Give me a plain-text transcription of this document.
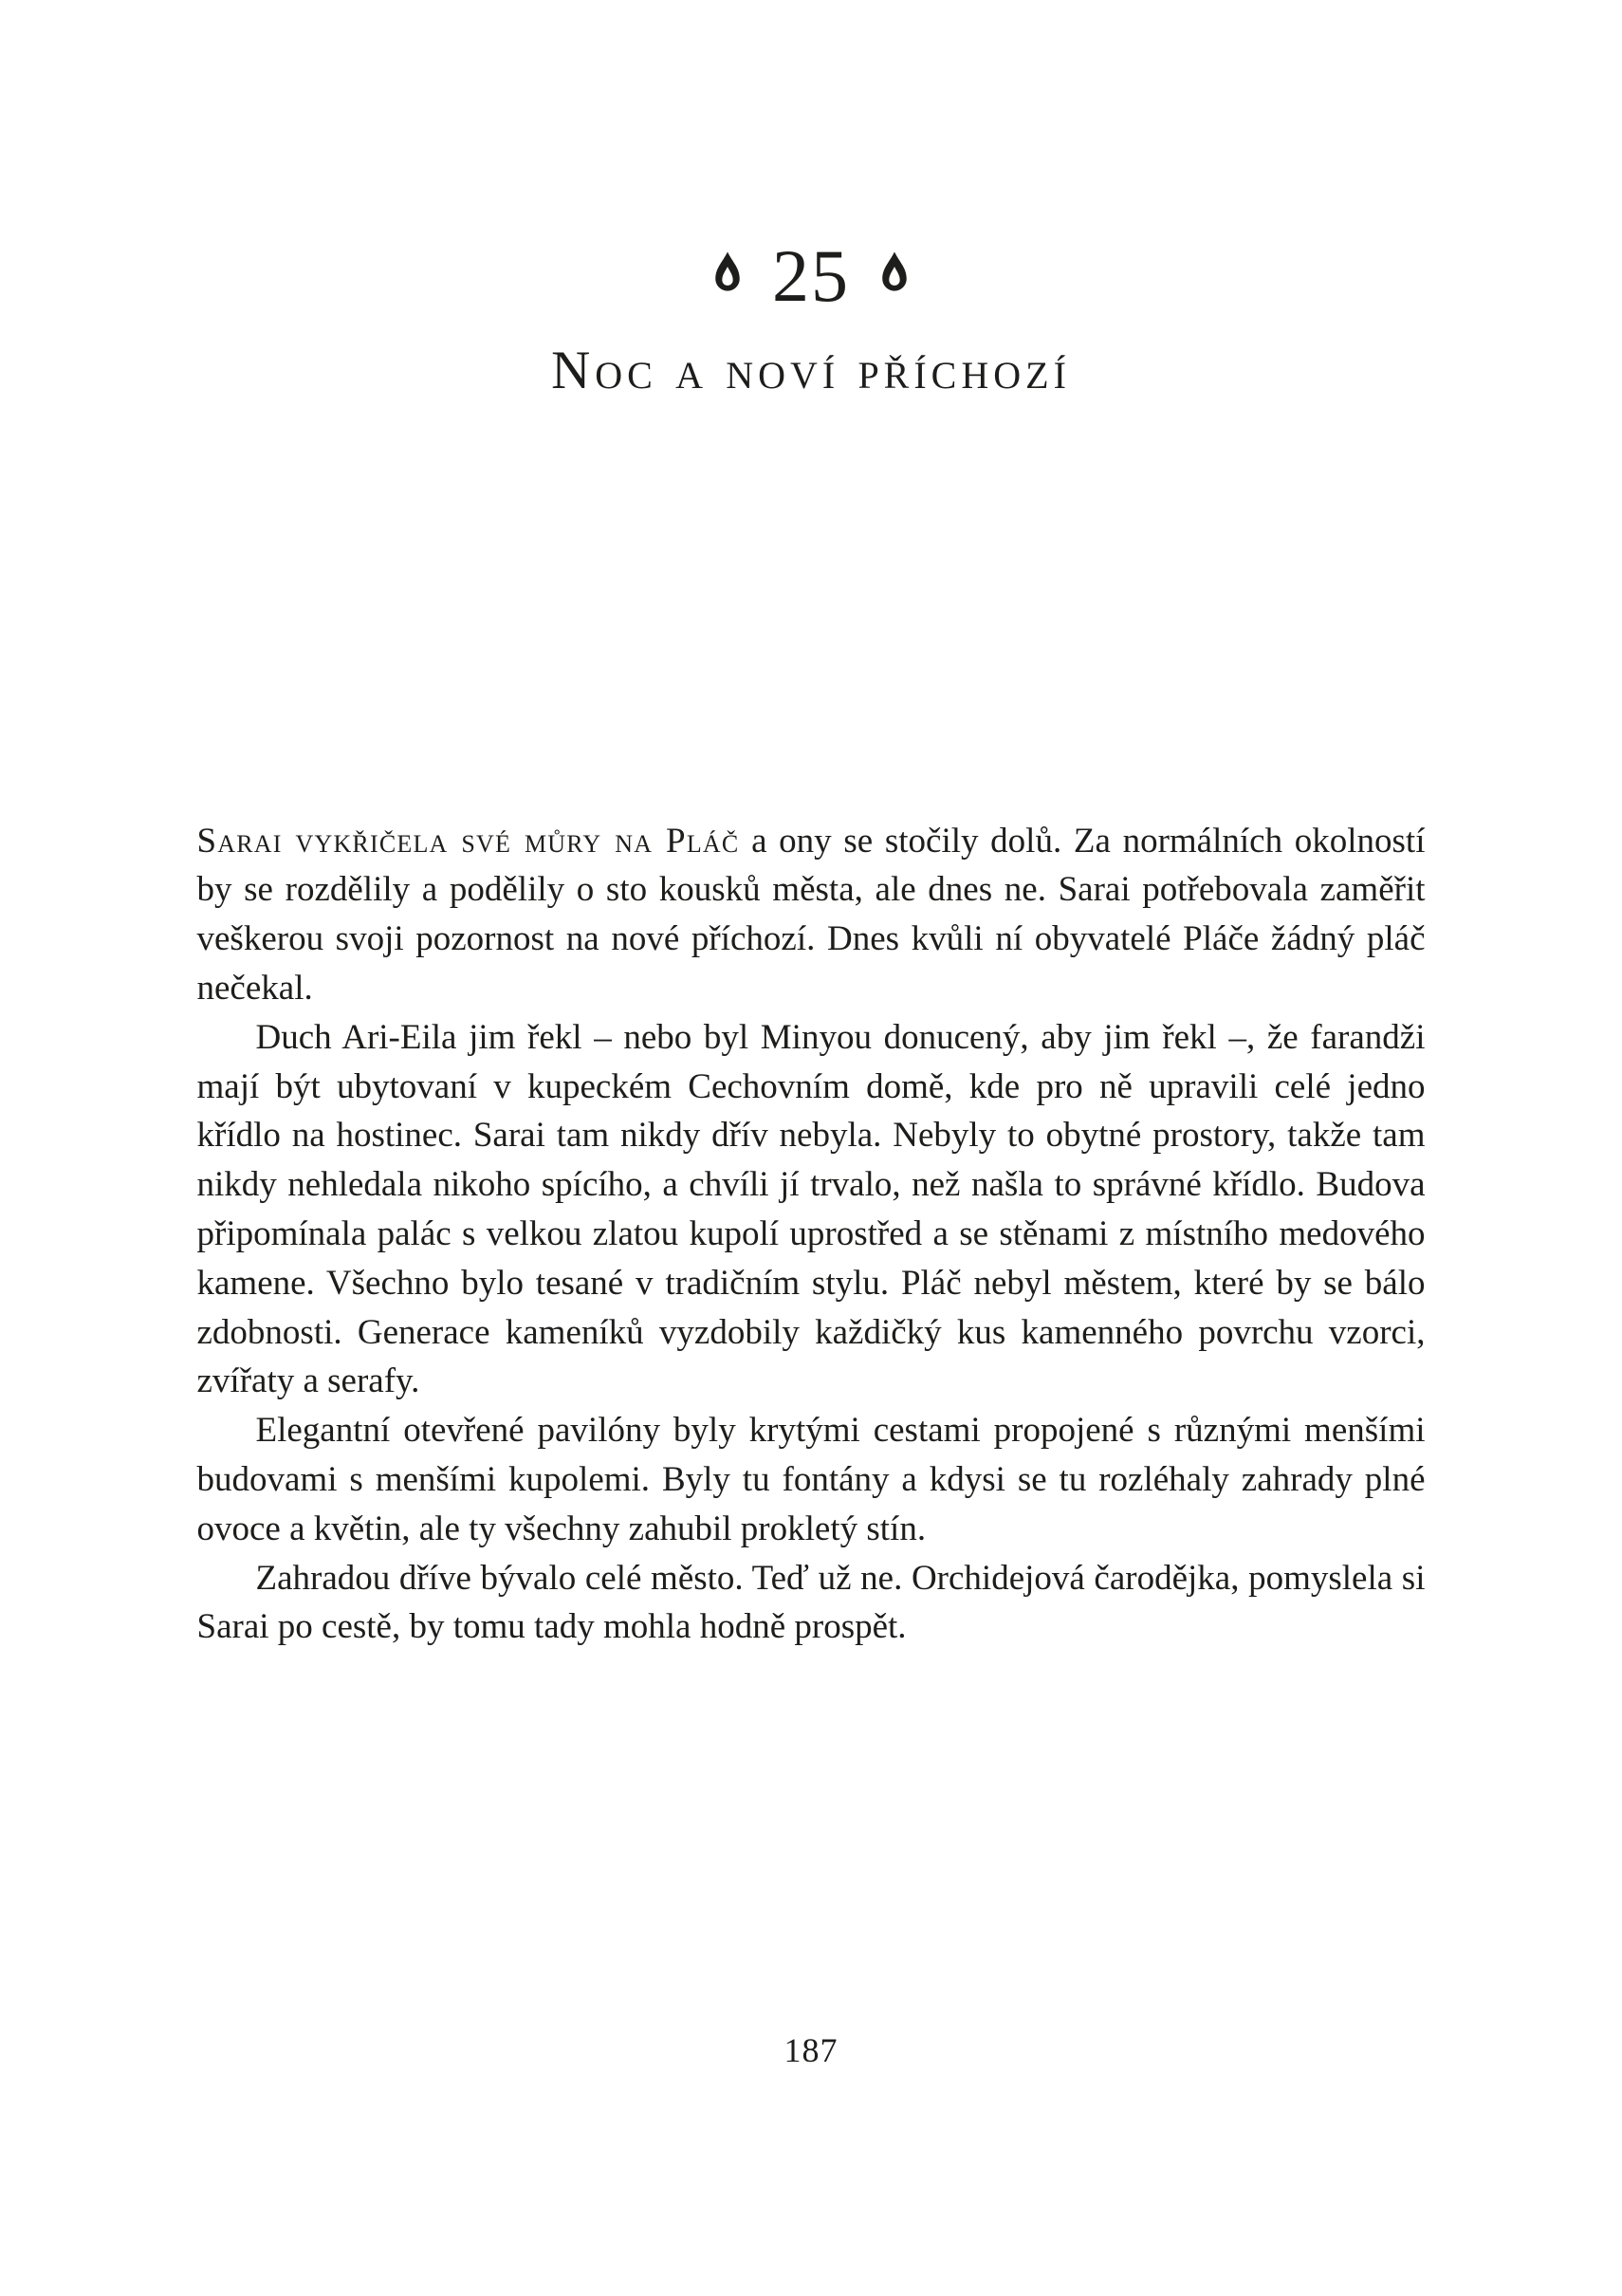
25
Noc a noví příchozí

Sarai vykřičela své můry na Pláč a ony se stočily dolů. Za normálních okolností by se rozdělily a podělily o sto kousků města, ale dnes ne. Sarai potřebovala zaměřit veškerou svoji pozornost na nové příchozí. Dnes kvůli ní obyvatelé Pláče žádný pláč nečekal.

Duch Ari-Eila jim řekl – nebo byl Minyou donucený, aby jim řekl –, že farandži mají být ubytovaní v kupeckém Cechovním domě, kde pro ně upravili celé jedno křídlo na hostinec. Sarai tam nikdy dřív nebyla. Nebyly to obytné prostory, takže tam nikdy nehledala nikoho spícího, a chvíli jí trvalo, než našla to správné křídlo. Budova připomínala palác s velkou zlatou kupolí uprostřed a se stěnami z místního medového kamene. Všechno bylo tesané v tradičním stylu. Pláč nebyl městem, které by se bálo zdobnosti. Generace kameníků vyzdobily každičký kus kamenného povrchu vzorci, zvířaty a serafy.

Elegantní otevřené pavilóny byly krytými cestami propojené s různými menšími budovami s menšími kupolemi. Byly tu fontány a kdysi se tu rozléhaly zahrady plné ovoce a květin, ale ty všechny zahubil prokletý stín.

Zahradou dříve bývalo celé město. Teď už ne. Orchidejová čarodějka, pomyslela si Sarai po cestě, by tomu tady mohla hodně prospět.

187
